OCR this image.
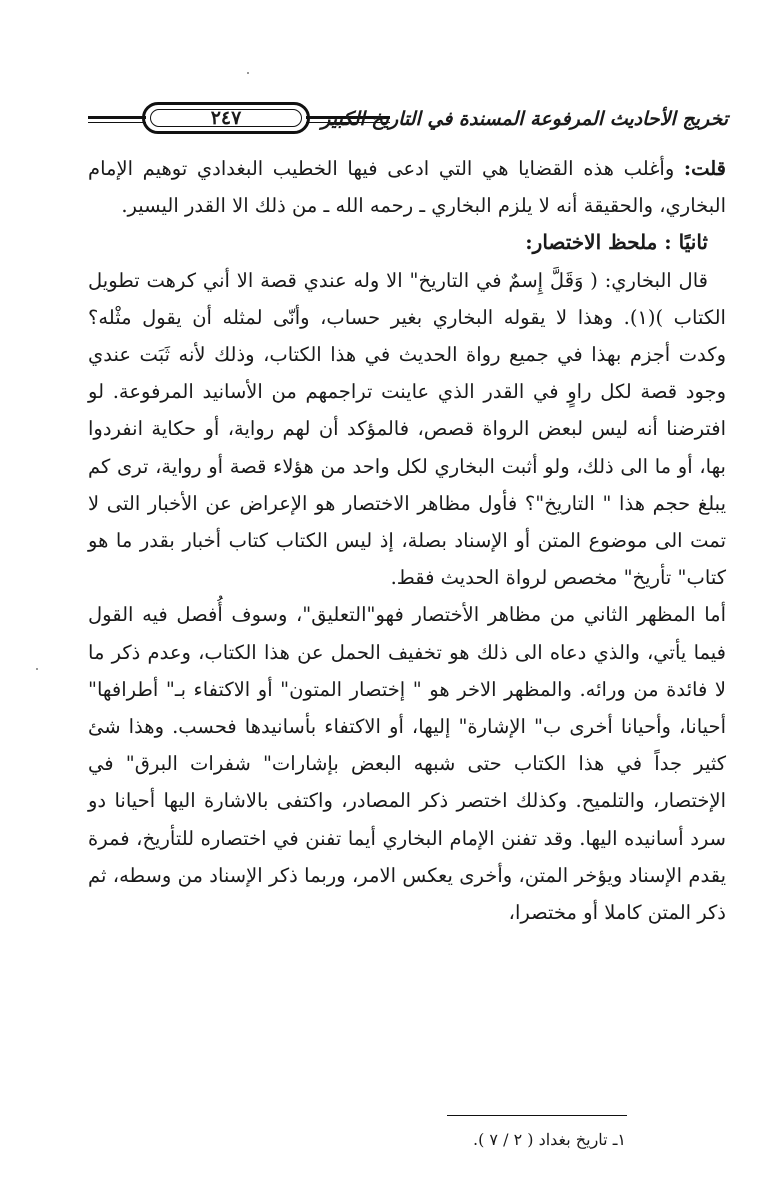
٢٤٧	تخريج الأحاديث المرفوعة المسندة في التاريخ الكبير

قلت: وأغلب هذه القضايا هي التي ادعى فيها الخطيب البغدادي توهيم الإمام البخاري، والحقيقة أنه لا يلزم البخاري ـ رحمه الله ـ من ذلك الا القدر اليسير.

ثانيًا : ملحظ الاختصار:

قال البخاري: ( وَقَلَّ إِسمٌ في التاريخ" الا وله عندي قصة الا أني كرهت تطويل الكتاب )(١). وهذا لا يقوله البخاري بغير حساب، وأنّى لمثله أن يقول مثْله؟ وكدت أجزم بهذا في جميع رواة الحديث في هذا الكتاب، وذلك لأنه ثَبَت عندي وجود قصة لكل راوٍ في القدر الذي عاينت تراجمهم من الأسانيد المرفوعة. لو افترضنا أنه ليس لبعض الرواة قصص، فالمؤكد أن لهم رواية، أو حكاية انفردوا بها، أو ما الى ذلك، ولو أثبت البخاري لكل واحد من هؤلاء قصة أو رواية، ترى كم يبلغ حجم هذا " التاريخ"؟ فأول مظاهر الاختصار هو الإعراض عن الأخبار التى لا تمت الى موضوع المتن أو الإسناد بصلة، إذ ليس الكتاب كتاب أخبار بقدر ما هو كتاب" تأريخ" مخصص لرواة الحديث فقط.

أما المظهر الثاني من مظاهر الأختصار فهو"التعليق"، وسوف أُفصل فيه القول فيما يأتي، والذي دعاه الى ذلك هو تخفيف الحمل عن هذا الكتاب، وعدم ذكر ما لا فائدة من ورائه. والمظهر الاخر هو " إختصار المتون" أو الاكتفاء بـ" أطرافها" أحيانا، وأحيانا أخرى ب" الإشارة" إليها، أو الاكتفاء بأسانيدها فحسب. وهذا شئ كثير جداً في هذا الكتاب حتى شبهه البعض بإشارات" شفرات البرق" في الإختصار، والتلميح. وكذلك اختصر ذكر المصادر، واكتفى بالاشارة اليها أحيانا دو سرد أسانيده اليها. وقد تفنن الإمام البخاري أيما تفنن في اختصاره للتأريخ، فمرة يقدم الإسناد ويؤخر المتن، وأخرى يعكس الامر، وربما ذكر الإسناد من وسطه، ثم ذكر المتن كاملا أو مختصرا،

١ـ تاريخ بغداد ( ٢ / ٧ ).
